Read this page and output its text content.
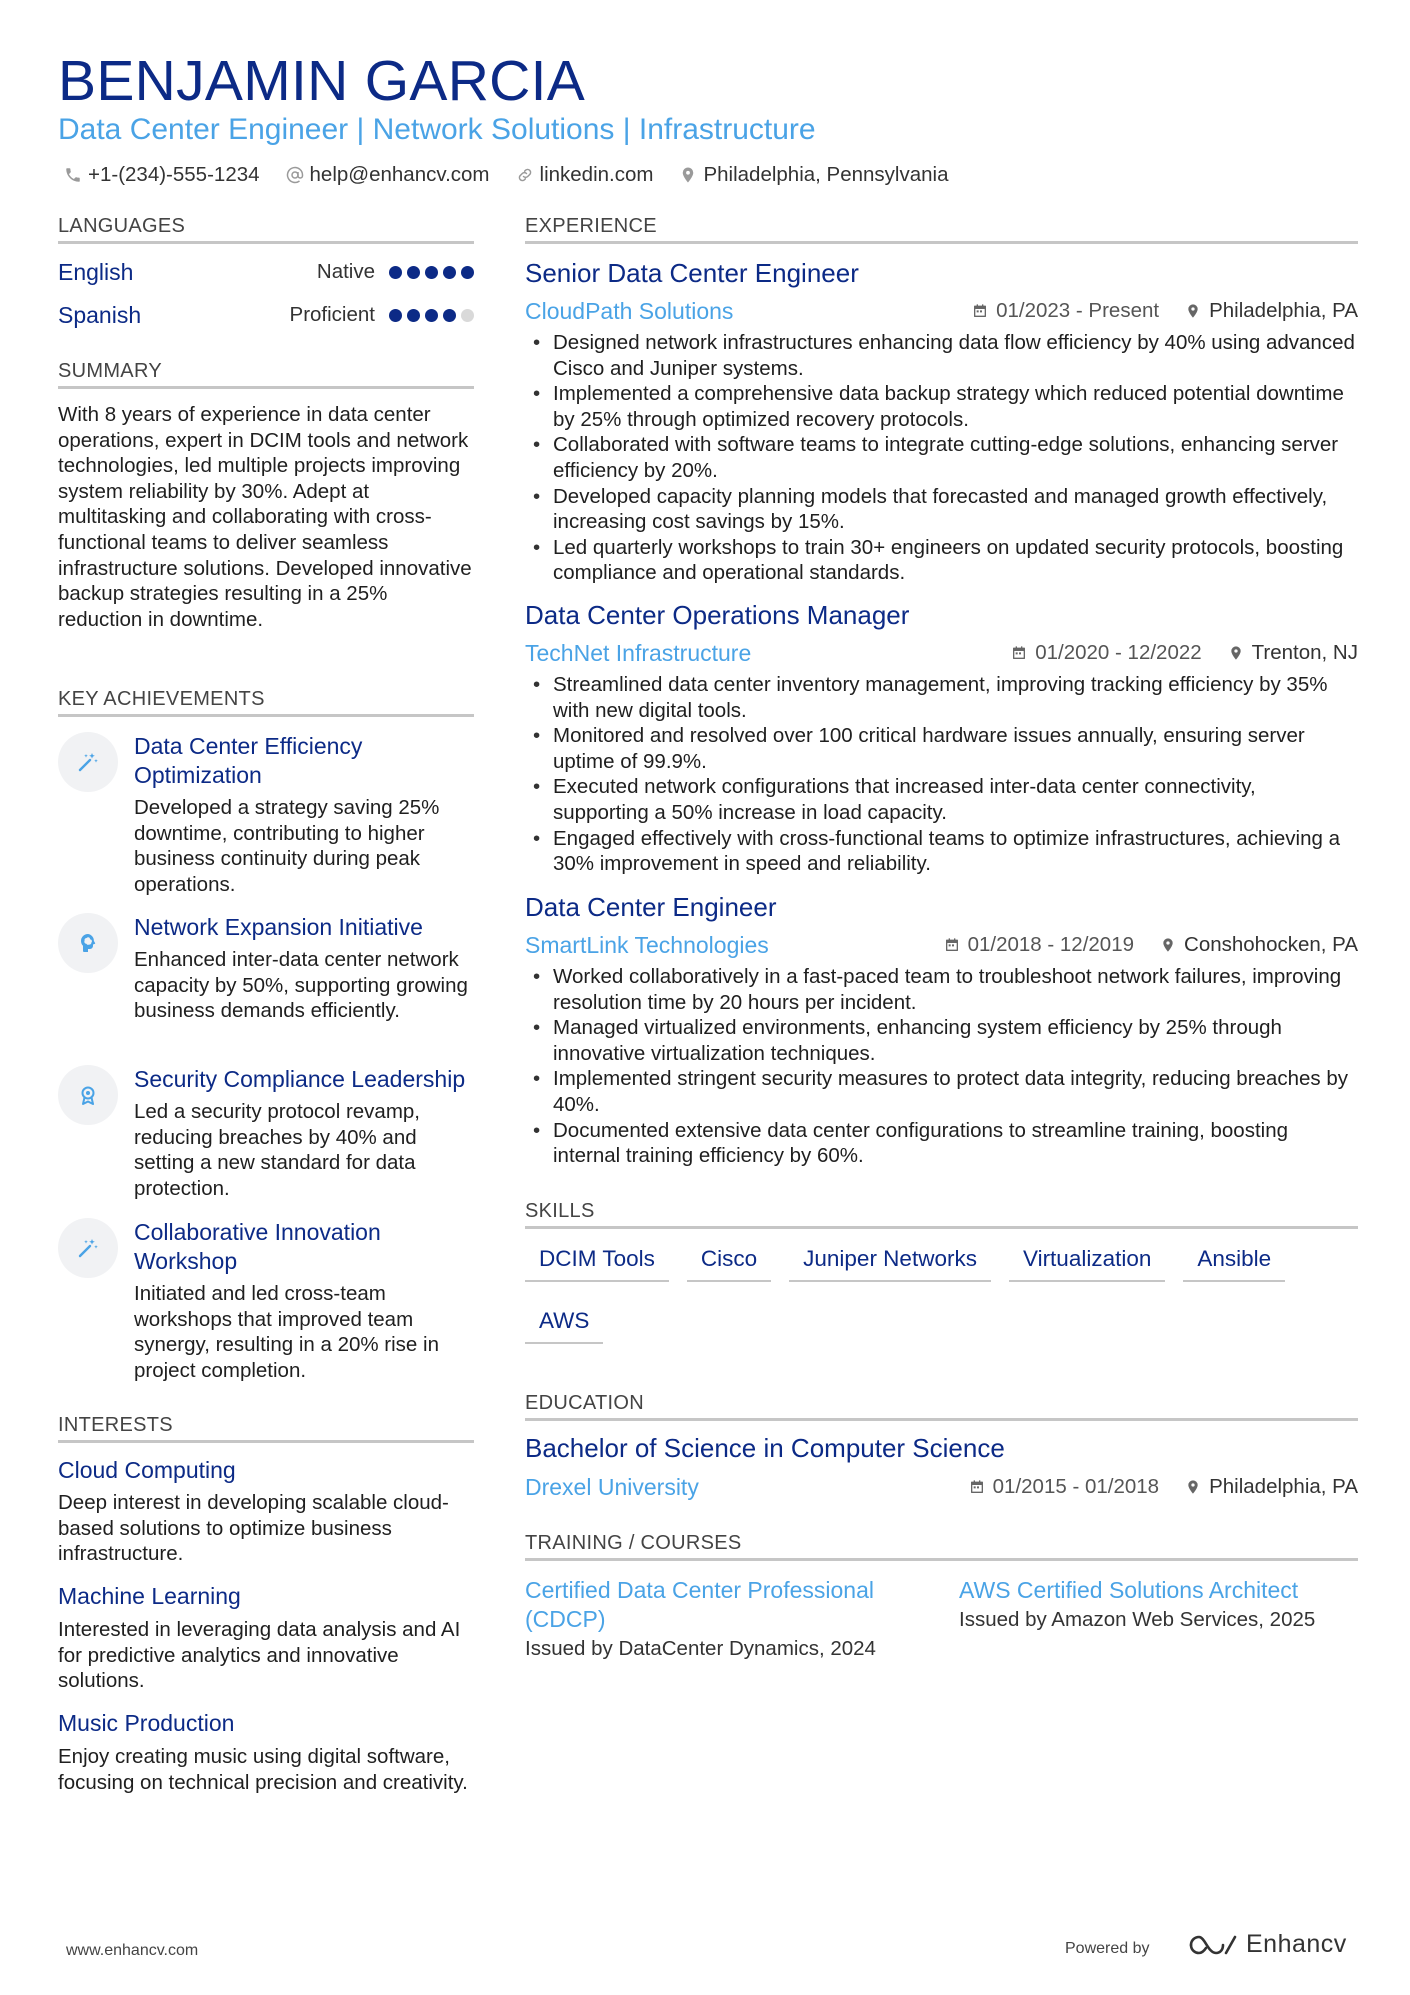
BENJAMIN GARCIA
Data Center Engineer | Network Solutions | Infrastructure
+1-(234)-555-1234 help@enhancv.com linkedin.com Philadelphia, Pennsylvania
LANGUAGES
English	Native
Spanish	Proficient
SUMMARY
With 8 years of experience in data center operations, expert in DCIM tools and network technologies, led multiple projects improving system reliability by 30%. Adept at multitasking and collaborating with cross-functional teams to deliver seamless infrastructure solutions. Developed innovative backup strategies resulting in a 25% reduction in downtime.
KEY ACHIEVEMENTS
Data Center Efficiency Optimization
Developed a strategy saving 25% downtime, contributing to higher business continuity during peak operations.
Network Expansion Initiative
Enhanced inter-data center network capacity by 50%, supporting growing business demands efficiently.
Security Compliance Leadership
Led a security protocol revamp, reducing breaches by 40% and setting a new standard for data protection.
Collaborative Innovation Workshop
Initiated and led cross-team workshops that improved team synergy, resulting in a 20% rise in project completion.
INTERESTS
Cloud Computing
Deep interest in developing scalable cloud-based solutions to optimize business infrastructure.
Machine Learning
Interested in leveraging data analysis and AI for predictive analytics and innovative solutions.
Music Production
Enjoy creating music using digital software, focusing on technical precision and creativity.
EXPERIENCE
Senior Data Center Engineer
CloudPath Solutions	01/2023 - Present Philadelphia, PA
• Designed network infrastructures enhancing data flow efficiency by 40% using advanced Cisco and Juniper systems.
• Implemented a comprehensive data backup strategy which reduced potential downtime by 25% through optimized recovery protocols.
• Collaborated with software teams to integrate cutting-edge solutions, enhancing server efficiency by 20%.
• Developed capacity planning models that forecasted and managed growth effectively, increasing cost savings by 15%.
• Led quarterly workshops to train 30+ engineers on updated security protocols, boosting compliance and operational standards.
Data Center Operations Manager
TechNet Infrastructure	01/2020 - 12/2022 Trenton, NJ
• Streamlined data center inventory management, improving tracking efficiency by 35% with new digital tools.
• Monitored and resolved over 100 critical hardware issues annually, ensuring server uptime of 99.9%.
• Executed network configurations that increased inter-data center connectivity, supporting a 50% increase in load capacity.
• Engaged effectively with cross-functional teams to optimize infrastructures, achieving a 30% improvement in speed and reliability.
Data Center Engineer
SmartLink Technologies	01/2018 - 12/2019 Conshohocken, PA
• Worked collaboratively in a fast-paced team to troubleshoot network failures, improving resolution time by 20 hours per incident.
• Managed virtualized environments, enhancing system efficiency by 25% through innovative virtualization techniques.
• Implemented stringent security measures to protect data integrity, reducing breaches by 40%.
• Documented extensive data center configurations to streamline training, boosting internal training efficiency by 60%.
SKILLS
DCIM Tools	Cisco	Juniper Networks	Virtualization	Ansible
AWS
EDUCATION
Bachelor of Science in Computer Science
Drexel University	01/2015 - 01/2018 Philadelphia, PA
TRAINING / COURSES
Certified Data Center Professional (CDCP)
Issued by DataCenter Dynamics, 2024
AWS Certified Solutions Architect
Issued by Amazon Web Services, 2025
www.enhancv.com	Powered by	Enhancv
